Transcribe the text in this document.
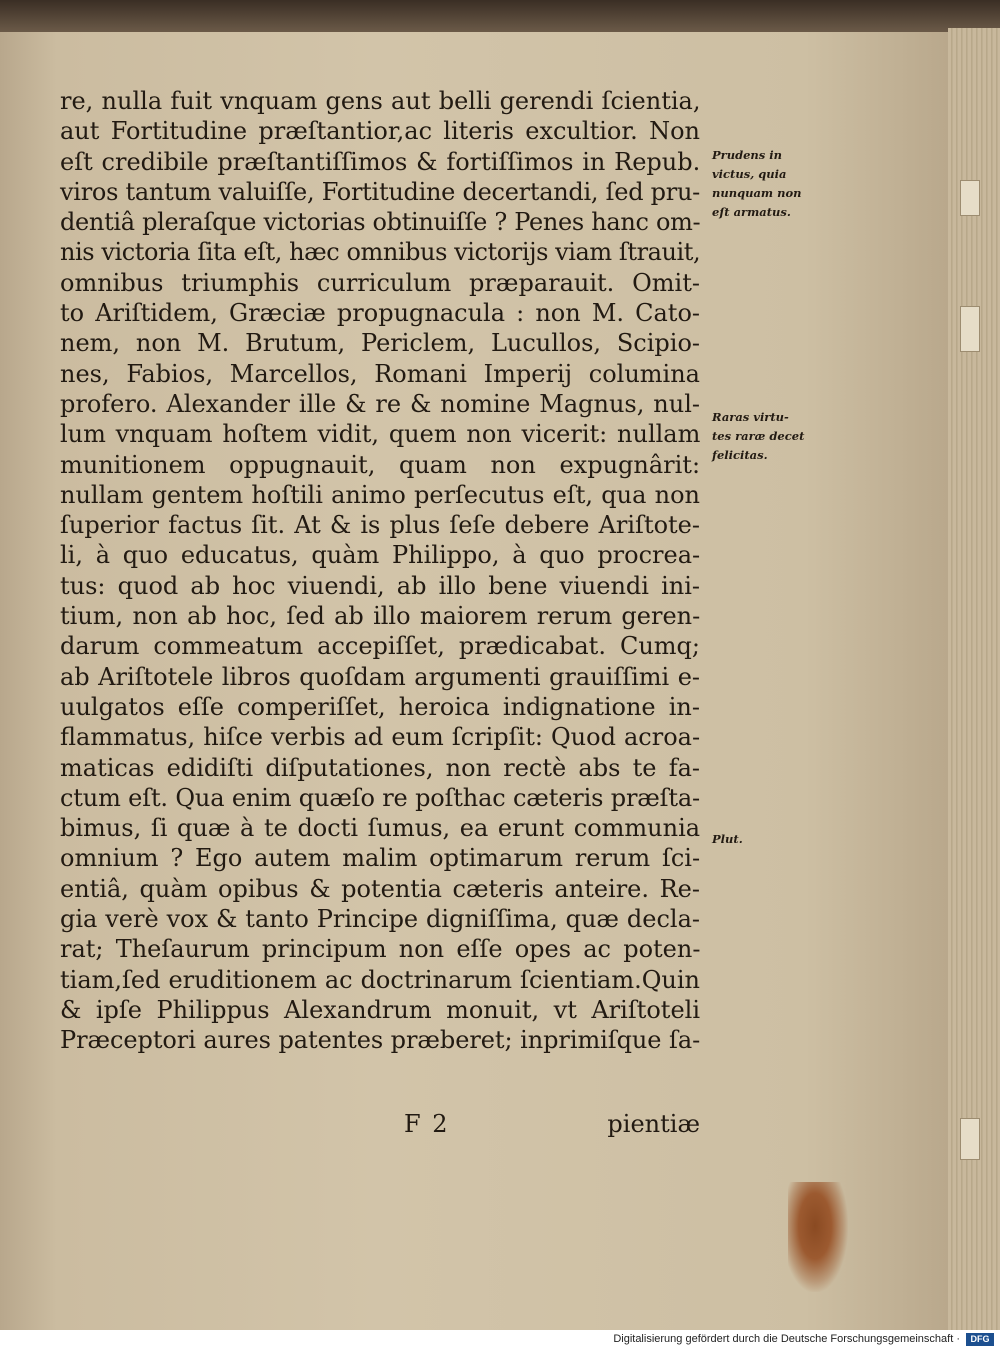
re, nulla fuit vnquam gens aut belli gerendi ſcientia,
aut Fortitudine præſtantior,ac literis excultior. Non
eſt credibile præſtantiſſimos & fortiſſimos in Repub.
viros tantum valuiſſe, Fortitudine decertandi, ſed pru-
dentiâ pleraſque victorias obtinuiſſe ? Penes hanc om-
nis victoria ſita eſt, hæc omnibus victorijs viam ſtrauit,
omnibus triumphis curriculum præparauit. Omit-
to Ariſtidem, Græciæ propugnacula : non M. Cato-
nem, non M. Brutum, Periclem, Lucullos, Scipio-
nes, Fabios, Marcellos, Romani Imperij columina
profero. Alexander ille & re & nomine Magnus, nul-
lum vnquam hoſtem vidit, quem non vicerit: nullam
munitionem oppugnauit, quam non expugnârit:
nullam gentem hoſtili animo perſecutus eſt, qua non
ſuperior factus ſit. At & is plus ſeſe debere Ariſtote-
li, à quo educatus, quàm Philippo, à quo procrea-
tus: quod ab hoc viuendi, ab illo bene viuendi ini-
tium, non ab hoc, ſed ab illo maiorem rerum geren-
darum commeatum accepiſſet, prædicabat. Cumq;
ab Ariſtotele libros quoſdam argumenti grauiſſimi e-
uulgatos eſſe comperiſſet, heroica indignatione in-
flammatus, hiſce verbis ad eum ſcripſit: Quod acroa-
maticas edidiſti diſputationes, non rectè abs te fa-
ctum eſt. Qua enim quæſo re poſthac cæteris præſta-
bimus, ſi quæ à te docti ſumus, ea erunt communia
omnium ? Ego autem malim optimarum rerum ſci-
entiâ, quàm opibus & potentia cæteris anteire. Re-
gia verè vox & tanto Principe digniſſima, quæ decla-
rat; Theſaurum principum non eſſe opes ac poten-
tiam,ſed eruditionem ac doctrinarum ſcientiam.Quin
& ipſe Philippus Alexandrum monuit, vt Ariſtoteli
Præceptori aures patentes præberet; inprimiſque ſa-
Prudens in
victus, quia
nunquam non
eſt armatus.
Raras virtu-
tes raræ decet
felicitas.
Plut.
F 2	pientiæ
Digitalisierung gefördert durch die Deutsche Forschungsgemeinschaft ·	DFG
